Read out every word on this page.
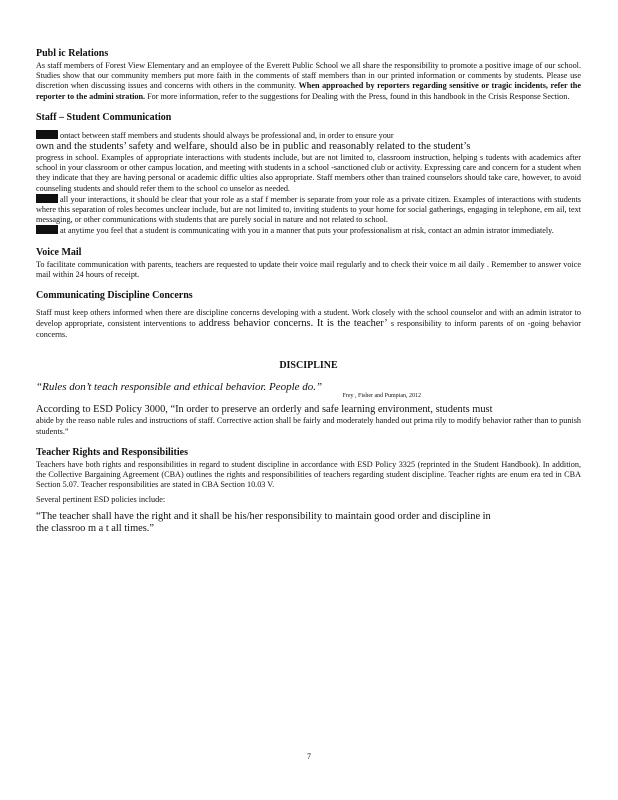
Publ ic Relations

As staff members of Forest View Elementary and an employee of the Everett Public School we all share the responsibility to promote a positive image of our school. Studies show that our community members put more faith in the comments of staff members than in our printed information or comments by students. Please use discretion when discussing issues and concerns with others in the community. When approached by reporters regarding sensitive or tragic incidents, refer the reporter to the admini stration. For more information, refer to the suggestions for Dealing with the Press, found in this handbook in the Crisis Response Section.

Staff – Student Communication

ontact between staff members and students should always be professional and, in order to ensure your

own and the students’ safety and welfare, should also be in public and reasonably related to the student’s

progress in school. Examples of appropriate interactions with students include, but are not limited to, classroom instruction, helping s tudents with academics after school in your classroom or other campus location, and meeting with students in a school -sanctioned club or activity. Expressing care and concern for a student when they indicate that they are having personal or academic diffic ulties also appropriate. Staff members other than trained counselors should take care, however, to avoid counseling students and should refer them to the school co unselor as needed.

all your interactions, it should be clear that your role as a staf f member is separate from your role as a private citizen. Examples of interactions with students where this separation of roles becomes unclear include, but are not limited to, inviting students to your home for social gatherings, engaging in telephone, em ail, text messaging, or other communications with students that are purely social in nature and not related to school.

at anytime you feel that a student is communicating with you in a manner that puts your professionalism at risk, contact an admin istrator immediately.

Voice Mail

To facilitate communication with parents, teachers are requested to update their voice mail regularly and to check their voice m ail daily . Remember to answer voice mail within 24 hours of receipt.

Communicating Discipline Concerns

Staff must keep others informed when there are discipline concerns developing with a student. Work closely with the school counselor and with an admin istrator to develop appropriate, consistent interventions to address behavior concerns. It is the teacher’ s responsibility to inform parents of on -going behavior concerns.

DISCIPLINE

“Rules don’t teach responsible and ethical behavior. People do.”

Frey , Fisher and Pumpian, 2012

According to ESD Policy 3000, “In order to preserve an orderly and safe learning environment, students must

abide by the reaso nable rules and instructions of staff. Corrective action shall be fairly and moderately handed out prima rily to modify behavior rather than to punish students.”

Teacher Rights and Responsibilities

Teachers have both rights and responsibilities in regard to student discipline in accordance with ESD Policy 3325 (reprinted in the Student Handbook). In addition, the Collective Bargaining Agreement (CBA) outlines the rights and responsibilities of teachers regarding student discipline. Teacher rights are enum era ted in CBA Section 5.07. Teacher responsibilities are stated in CBA Section 10.03 V.

Several pertinent ESD policies include:

“The teacher shall have the right and it shall be his/her responsibility to maintain good order and discipline in

the classroo m a t all times.”

7
